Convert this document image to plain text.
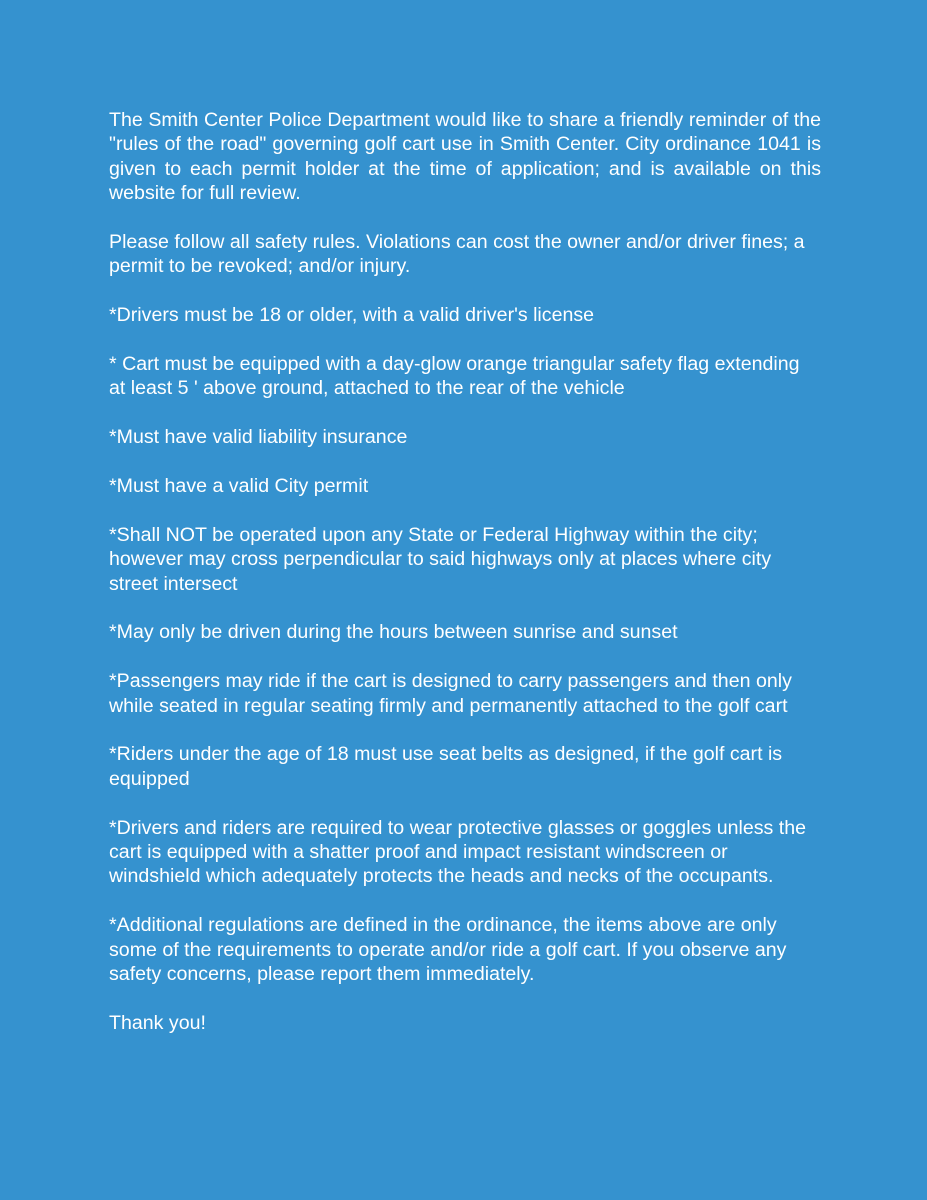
The Smith Center Police Department would like to share a friendly reminder of the "rules of the road" governing golf cart use in Smith Center. City ordinance 1041 is given to each permit holder at the time of application; and is available on this website for full review.

Please follow all safety rules. Violations can cost the owner and/or driver fines; a permit to be revoked; and/or injury.

*Drivers must be 18 or older, with a valid driver's license

* Cart must be equipped with a day-glow orange triangular safety flag extending at least 5 ' above ground, attached to the rear of the vehicle

*Must have valid liability insurance

*Must have a valid City permit

*Shall NOT be operated upon any State or Federal Highway within the city; however may cross perpendicular to said highways only at places where city street intersect

*May only be driven during the hours between sunrise and sunset

*Passengers may ride if the cart is designed to carry passengers and then only while seated in regular seating firmly and permanently attached to the golf cart

*Riders under the age of 18 must use seat belts as designed, if the golf cart is equipped

*Drivers and riders are required to wear protective glasses or goggles unless the cart is equipped with a shatter proof and impact resistant windscreen or windshield which adequately protects the heads and necks of the occupants.

*Additional regulations are defined in the ordinance, the items above are only some of the requirements to operate and/or ride a golf cart. If you observe any safety concerns, please report them immediately.

Thank you!
